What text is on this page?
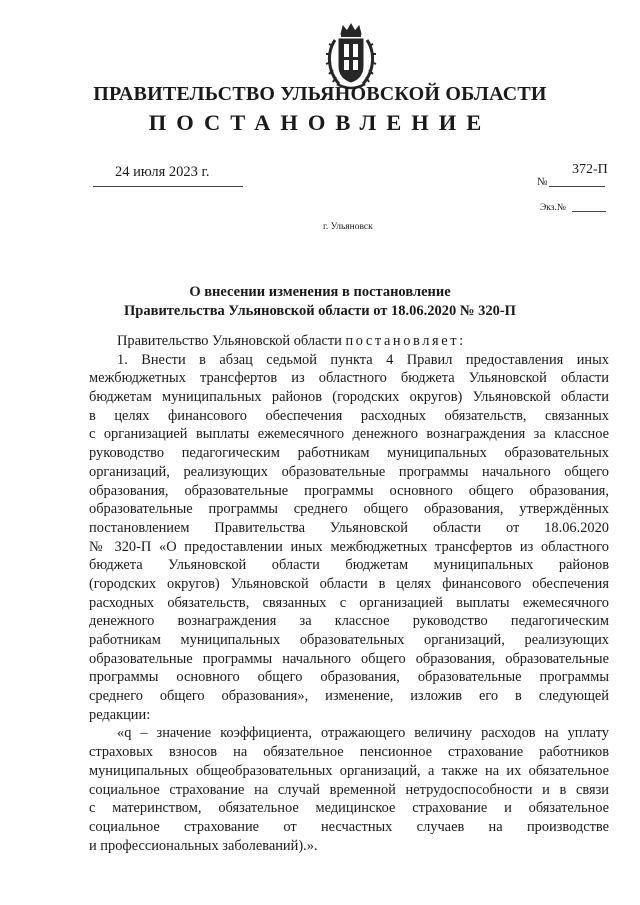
ПРАВИТЕЛЬСТВО УЛЬЯНОВСКОЙ ОБЛАСТИ
ПОСТАНОВЛЕНИЕ
24 июля 2023 г.	372-П
№
Экз.№
г. Ульяновск
О внесении изменения в постановление
Правительства Ульяновской области от 18.06.2020 № 320-П
Правительство Ульяновской области постановляет:
1. Внести в абзац седьмой пункта 4 Правил предоставления иных
межбюджетных трансфертов из областного бюджета Ульяновской области
бюджетам муниципальных районов (городских округов) Ульяновской области
в целях финансового обеспечения расходных обязательств, связанных
с организацией выплаты ежемесячного денежного вознаграждения за классное
руководство педагогическим работникам муниципальных образовательных
организаций, реализующих образовательные программы начального общего
образования, образовательные программы основного общего образования,
образовательные программы среднего общего образования, утверждённых
постановлением Правительства Ульяновской области от 18.06.2020
№ 320-П «О предоставлении иных межбюджетных трансфертов из областного
бюджета Ульяновской области бюджетам муниципальных районов
(городских округов) Ульяновской области в целях финансового обеспечения
расходных обязательств, связанных с организацией выплаты ежемесячного
денежного вознаграждения за классное руководство педагогическим
работникам муниципальных образовательных организаций, реализующих
образовательные программы начального общего образования, образовательные
программы основного общего образования, образовательные программы
среднего общего образования», изменение, изложив его в следующей
редакции:
«q – значение коэффициента, отражающего величину расходов на уплату
страховых взносов на обязательное пенсионное страхование работников
муниципальных общеобразовательных организаций, а также на их обязательное
социальное страхование на случай временной нетрудоспособности и в связи
с материнством, обязательное медицинское страхование и обязательное
социальное страхование от несчастных случаев на производстве
и профессиональных заболеваний).».
